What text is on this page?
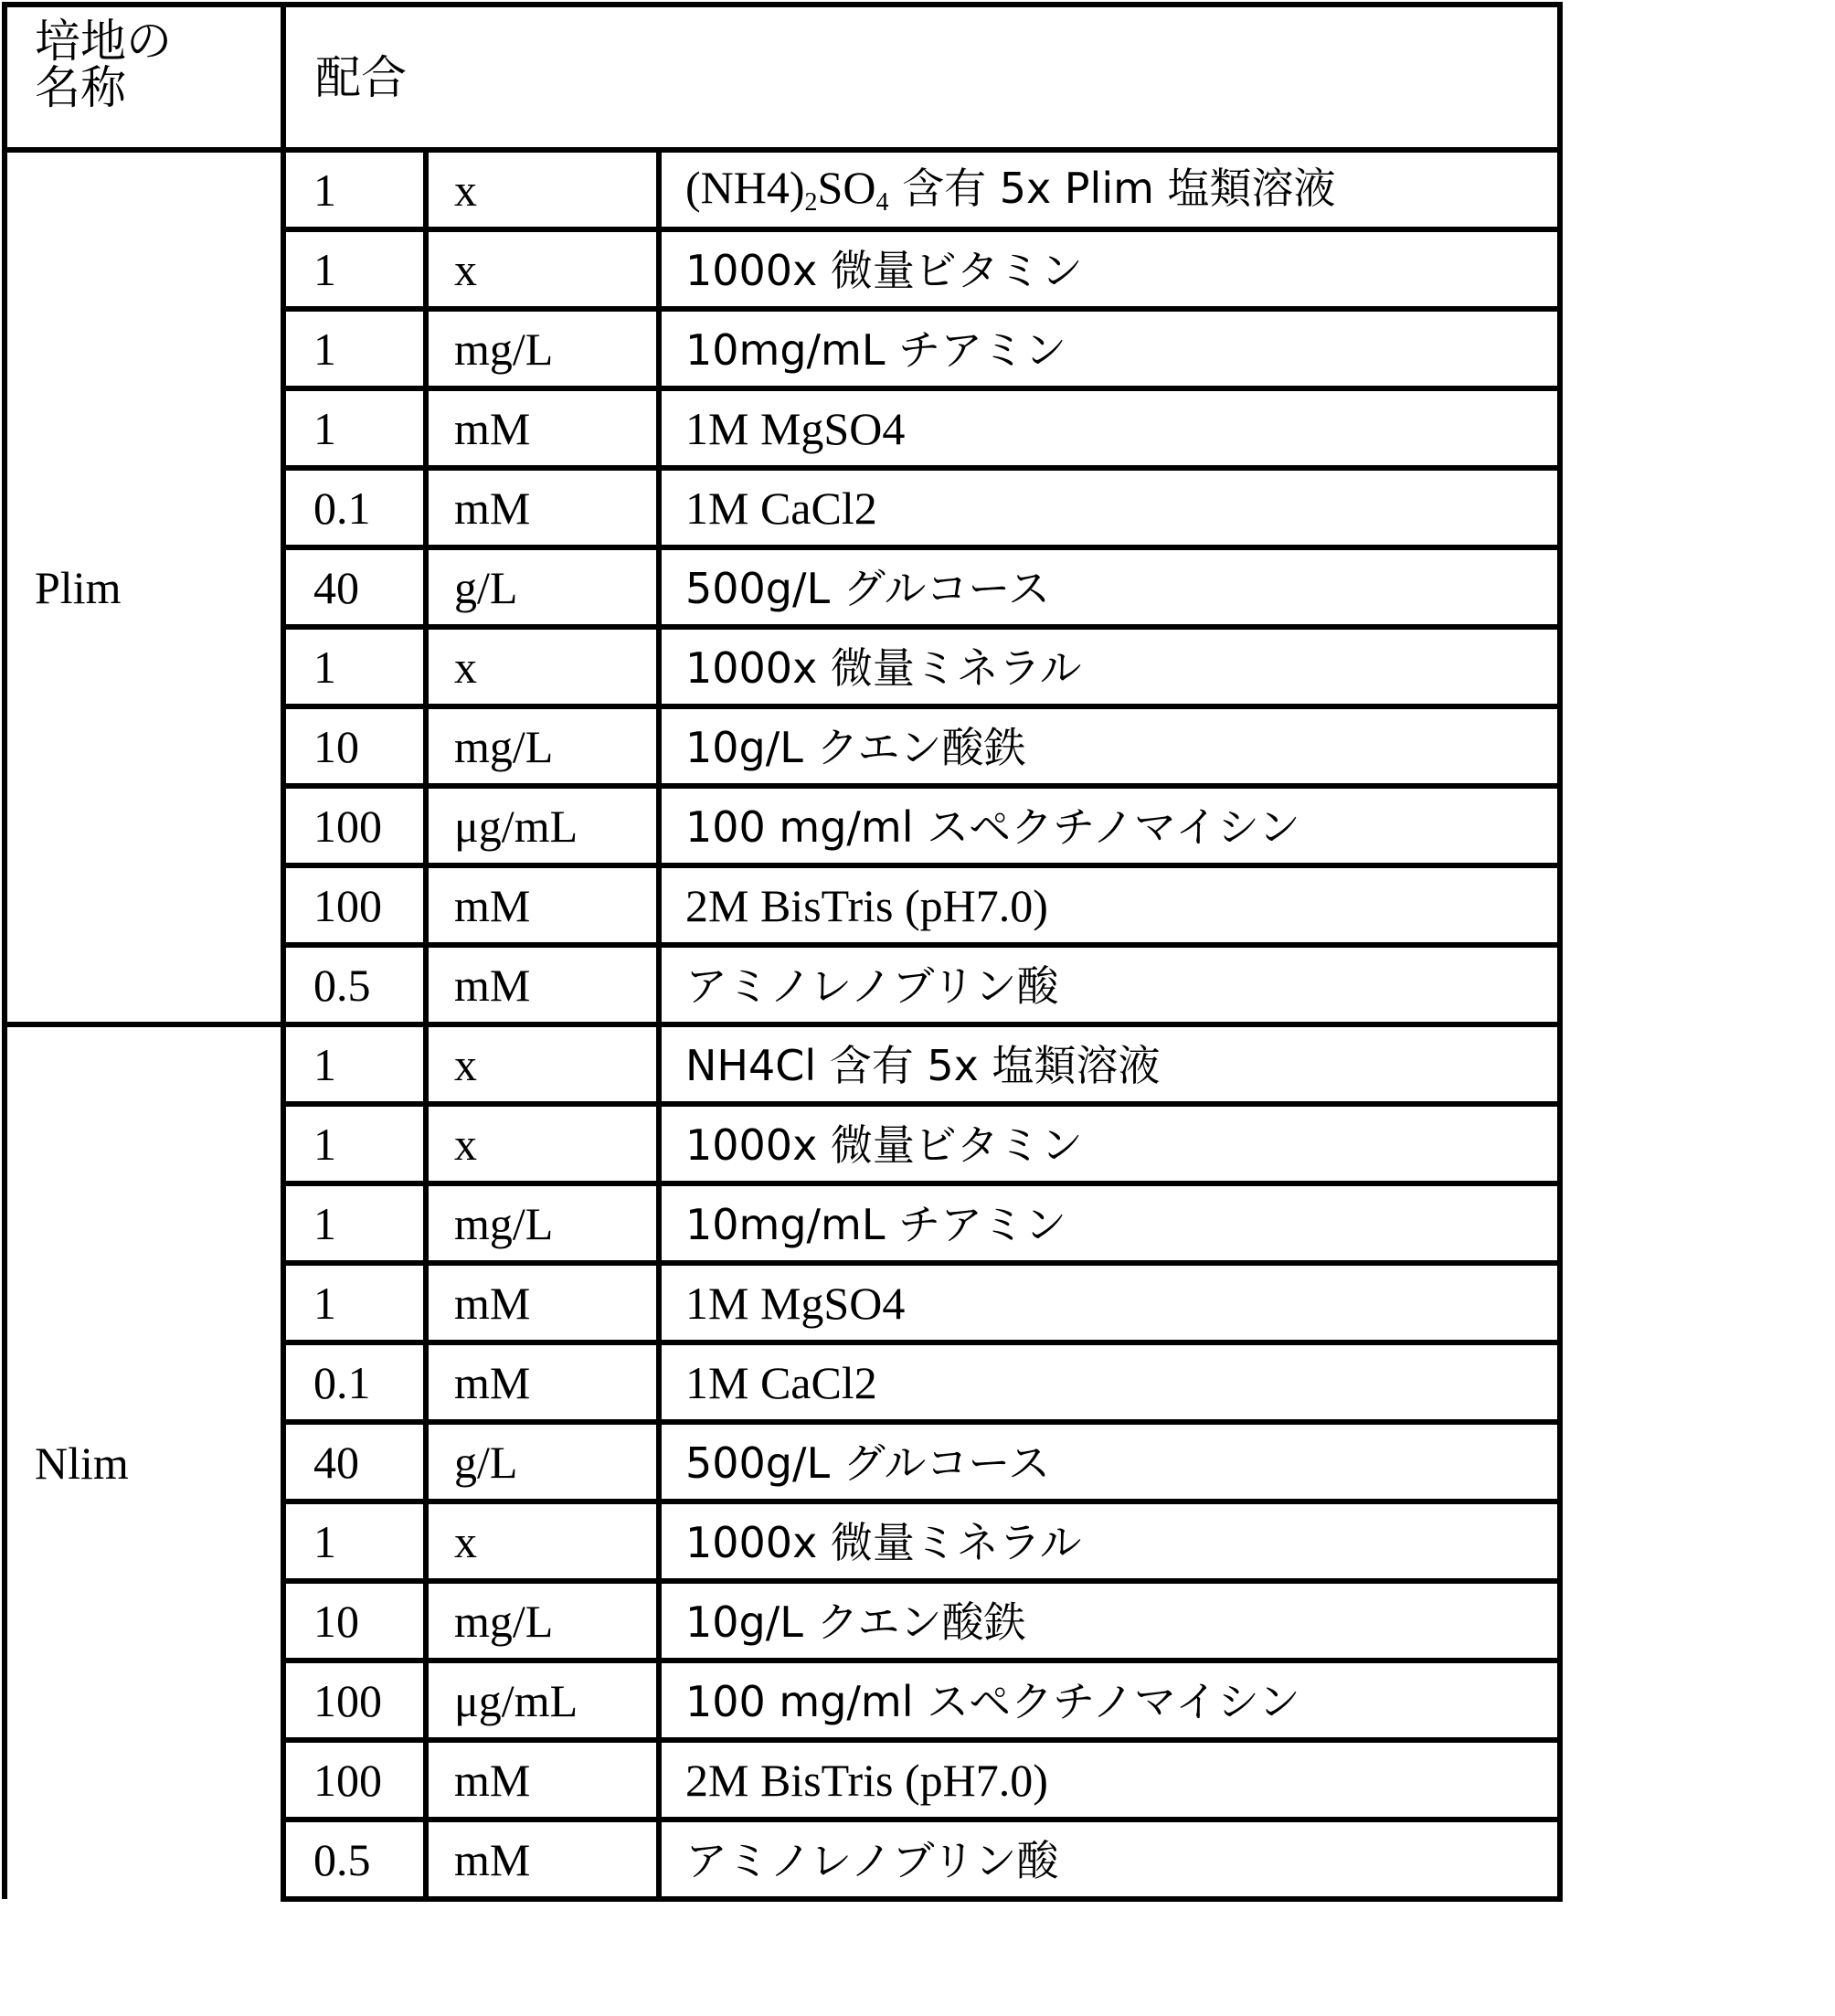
培地の
名称	配合		
Plim	1	x	$(NH4)_2SO_4$ 含有 5x Plim 塩類溶液
	1	x	1000x 微量ビタミン
	1	mg/L	10mg/mL チアミン
	1	mM	1M MgSO4
	0.1	mM	1M CaCl2
	40	g/L	500g/L グルコース
	1	x	1000x 微量ミネラル
	10	mg/L	10g/L クエン酸鉄
	100	μg/mL	100 mg/ml スペクチノマイシン
	100	mM	2M BisTris (pH7.0)
	0.5	mM	アミノレノブリン酸
Nlim	1	x	NH4Cl 含有 5x 塩類溶液
	1	x	1000x 微量ビタミン
	1	mg/L	10mg/mL チアミン
	1	mM	1M MgSO4
	0.1	mM	1M CaCl2
	40	g/L	500g/L グルコース
	1	x	1000x 微量ミネラル
	10	mg/L	10g/L クエン酸鉄
	100	μg/mL	100 mg/ml スペクチノマイシン
	100	mM	2M BisTris (pH7.0)
	0.5	mM	アミノレノブリン酸
